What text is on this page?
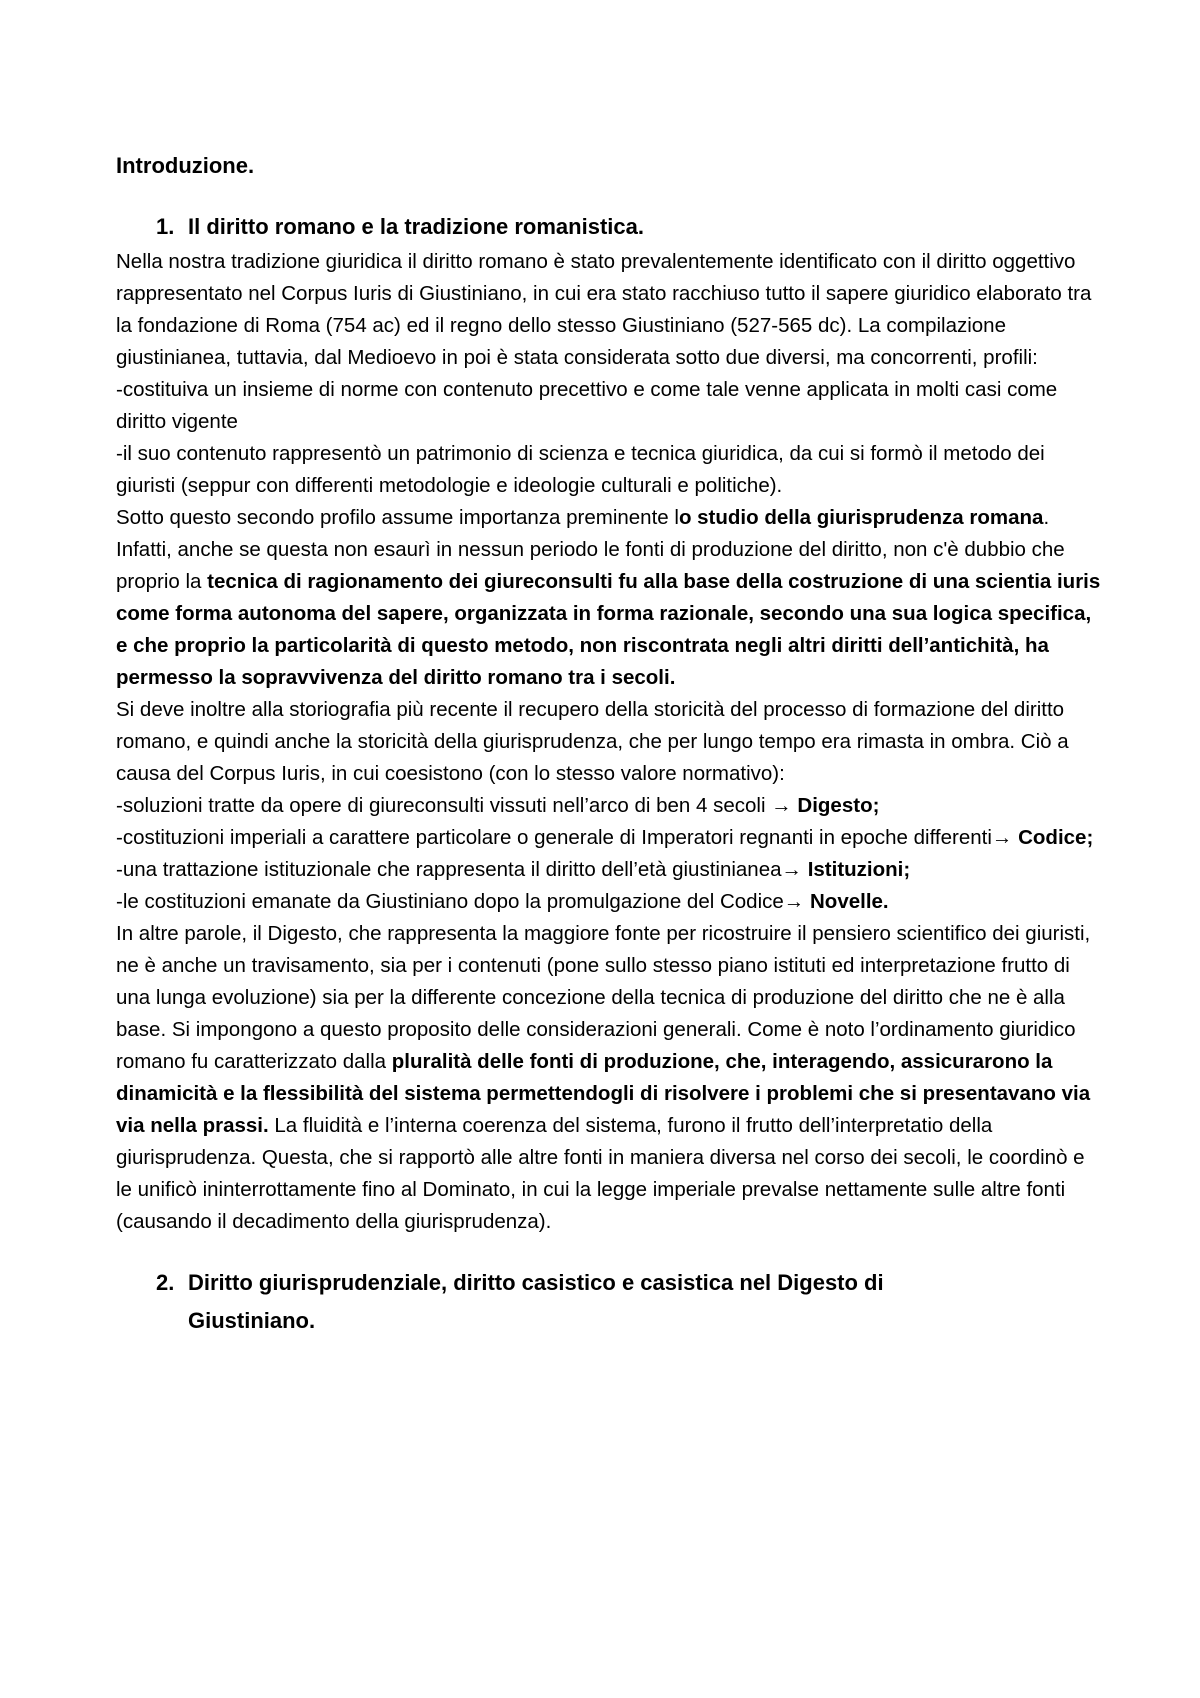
Introduzione.
1. Il diritto romano e la tradizione romanistica.

Nella nostra tradizione giuridica il diritto romano è stato prevalentemente identificato con il diritto oggettivo rappresentato nel Corpus Iuris di Giustiniano, in cui era stato racchiuso tutto il sapere giuridico elaborato tra la fondazione di Roma (754 ac) ed il regno dello stesso Giustiniano (527-565 dc). La compilazione giustinianea, tuttavia, dal Medioevo in poi è stata considerata sotto due diversi, ma concorrenti, profili:

-costituiva un insieme di norme con contenuto precettivo e come tale venne applicata in molti casi come diritto vigente

-il suo contenuto rappresentò un patrimonio di scienza e tecnica giuridica, da cui si formò il metodo dei giuristi (seppur con differenti metodologie e ideologie culturali e politiche).

Sotto questo secondo profilo assume importanza preminente lo studio della giurisprudenza romana. Infatti, anche se questa non esaurì in nessun periodo le fonti di produzione del diritto, non c'è dubbio che proprio la tecnica di ragionamento dei giureconsulti fu alla base della costruzione di una scientia iuris come forma autonoma del sapere, organizzata in forma razionale, secondo una sua logica specifica, e che proprio la particolarità di questo metodo, non riscontrata negli altri diritti dell’antichità, ha permesso la sopravvivenza del diritto romano tra i secoli.

Si deve inoltre alla storiografia più recente il recupero della storicità del processo di formazione del diritto romano, e quindi anche la storicità della giurisprudenza, che per lungo tempo era rimasta in ombra. Ciò a causa del Corpus Iuris, in cui coesistono (con lo stesso valore normativo):

-soluzioni tratte da opere di giureconsulti vissuti nell’arco di ben 4 secoli → Digesto;

-costituzioni imperiali a carattere particolare o generale di Imperatori regnanti in epoche differenti→ Codice;

-una trattazione istituzionale che rappresenta il diritto dell’età giustinianea→ Istituzioni;

-le costituzioni emanate da Giustiniano dopo la promulgazione del Codice→ Novelle.

In altre parole, il Digesto, che rappresenta la maggiore fonte per ricostruire il pensiero scientifico dei giuristi, ne è anche un travisamento, sia per i contenuti (pone sullo stesso piano istituti ed interpretazione frutto di una lunga evoluzione) sia per la differente concezione della tecnica di produzione del diritto che ne è alla base. Si impongono a questo proposito delle considerazioni generali. Come è noto l’ordinamento giuridico romano fu caratterizzato dalla pluralità delle fonti di produzione, che, interagendo, assicurarono la dinamicità e la flessibilità del sistema permettendogli di risolvere i problemi che si presentavano via via nella prassi. La fluidità e l’interna coerenza del sistema, furono il frutto dell’interpretatio della giurisprudenza. Questa, che si rapportò alle altre fonti in maniera diversa nel corso dei secoli, le coordinò e le unificò ininterrottamente fino al Dominato, in cui la legge imperiale prevalse nettamente sulle altre fonti (causando il decadimento della giurisprudenza).

2. Diritto giurisprudenziale, diritto casistico e casistica nel Digesto di Giustiniano.
